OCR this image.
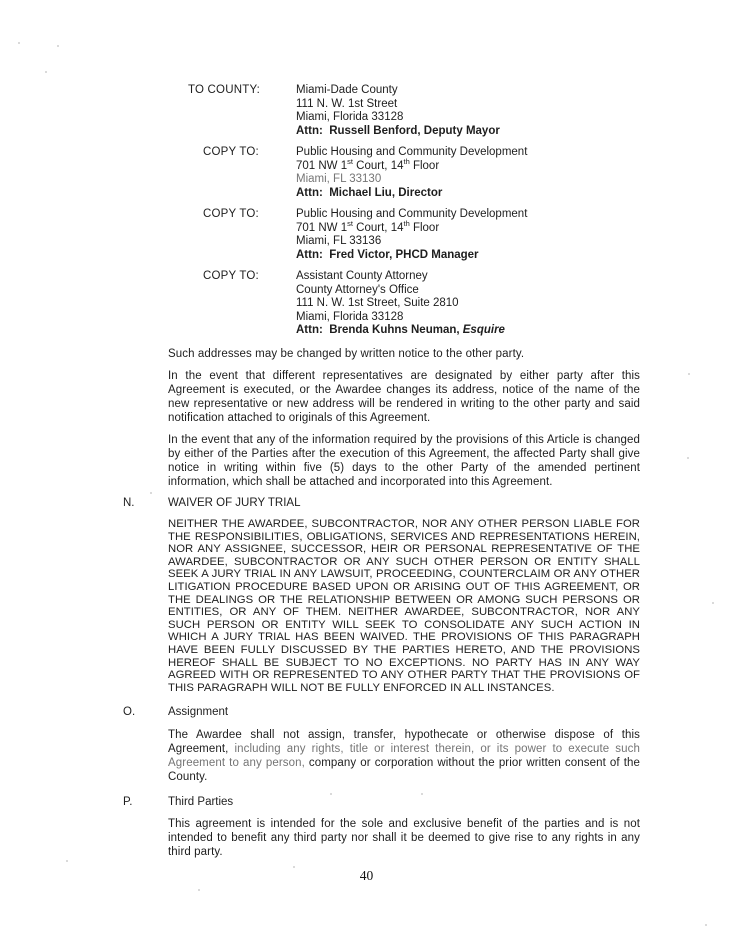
TO COUNTY:	Miami-Dade County
111 N. W. 1st Street
Miami, Florida 33128
Attn:  Russell Benford, Deputy Mayor
COPY TO:	Public Housing and Community Development
701 NW 1st Court, 14th Floor
Miami, FL 33130
Attn:  Michael Liu, Director
COPY TO:	Public Housing and Community Development
701 NW 1st Court, 14th Floor
Miami, FL 33136
Attn:  Fred Victor, PHCD Manager
COPY TO:	Assistant County Attorney
County Attorney's Office
111 N. W. 1st Street, Suite 2810
Miami, Florida 33128
Attn:  Brenda Kuhns Neuman, Esquire

Such addresses may be changed by written notice to the other party.

In the event that different representatives are designated by either party after this Agreement is executed, or the Awardee changes its address, notice of the name of the new representative or new address will be rendered in writing to the other party and said notification attached to originals of this Agreement.

In the event that any of the information required by the provisions of this Article is changed by either of the Parties after the execution of this Agreement, the affected Party shall give notice in writing within five (5) days to the other Party of the amended pertinent information, which shall be attached and incorporated into this Agreement.

N.	WAIVER OF JURY TRIAL

NEITHER THE AWARDEE, SUBCONTRACTOR, NOR ANY OTHER PERSON LIABLE FOR THE RESPONSIBILITIES, OBLIGATIONS, SERVICES AND REPRESENTATIONS HEREIN, NOR ANY ASSIGNEE, SUCCESSOR, HEIR OR PERSONAL REPRESENTATIVE OF THE AWARDEE, SUBCONTRACTOR OR ANY SUCH OTHER PERSON OR ENTITY SHALL SEEK A JURY TRIAL IN ANY LAWSUIT, PROCEEDING, COUNTERCLAIM OR ANY OTHER LITIGATION PROCEDURE BASED UPON OR ARISING OUT OF THIS AGREEMENT, OR THE DEALINGS OR THE RELATIONSHIP BETWEEN OR AMONG SUCH PERSONS OR ENTITIES, OR ANY OF THEM. NEITHER AWARDEE, SUBCONTRACTOR, NOR ANY SUCH PERSON OR ENTITY WILL SEEK TO CONSOLIDATE ANY SUCH ACTION IN WHICH A JURY TRIAL HAS BEEN WAIVED. THE PROVISIONS OF THIS PARAGRAPH HAVE BEEN FULLY DISCUSSED BY THE PARTIES HERETO, AND THE PROVISIONS HEREOF SHALL BE SUBJECT TO NO EXCEPTIONS. NO PARTY HAS IN ANY WAY AGREED WITH OR REPRESENTED TO ANY OTHER PARTY THAT THE PROVISIONS OF THIS PARAGRAPH WILL NOT BE FULLY ENFORCED IN ALL INSTANCES.

O.	Assignment

The Awardee shall not assign, transfer, hypothecate or otherwise dispose of this Agreement, including any rights, title or interest therein, or its power to execute such Agreement to any person, company or corporation without the prior written consent of the County.

P.	Third Parties

This agreement is intended for the sole and exclusive benefit of the parties and is not intended to benefit any third party nor shall it be deemed to give rise to any rights in any third party.

40
